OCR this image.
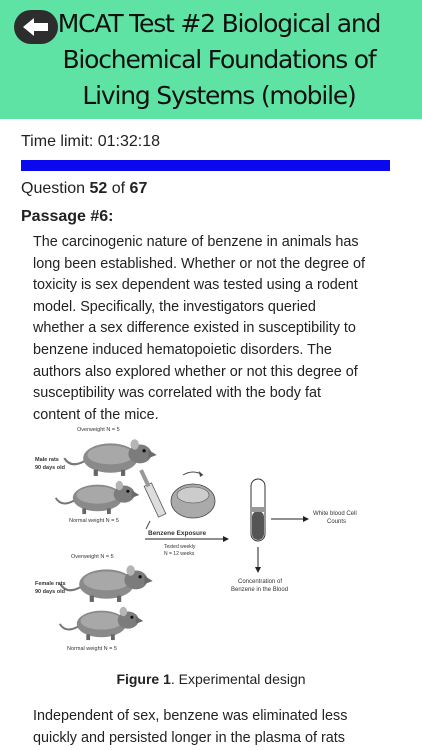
MCAT Test #2 Biological and Biochemical Foundations of Living Systems (mobile)
Time limit: 01:32:18
Question 52 of 67
Passage #6:
The carcinogenic nature of benzene in animals has long been established. Whether or not the degree of toxicity is sex dependent was tested using a rodent model. Specifically, the investigators queried whether a sex difference existed in susceptibility to benzene induced hematopoietic disorders. The authors also explored whether or not this degree of susceptibility was correlated with the body fat content of the mice.
Overweight N = 5
Male rats
90 days old
Normal weight N = 5
Overweight N = 5
Female rats
90 days old
Normal weight N = 5
Benzene Exposure
Tested weekly
N = 12 weeks
White blood Cell
Counts
Concentration of
Benzene in the Blood
Figure 1. Experimental design
Independent of sex, benzene was eliminated less quickly and persisted longer in the plasma of rats
